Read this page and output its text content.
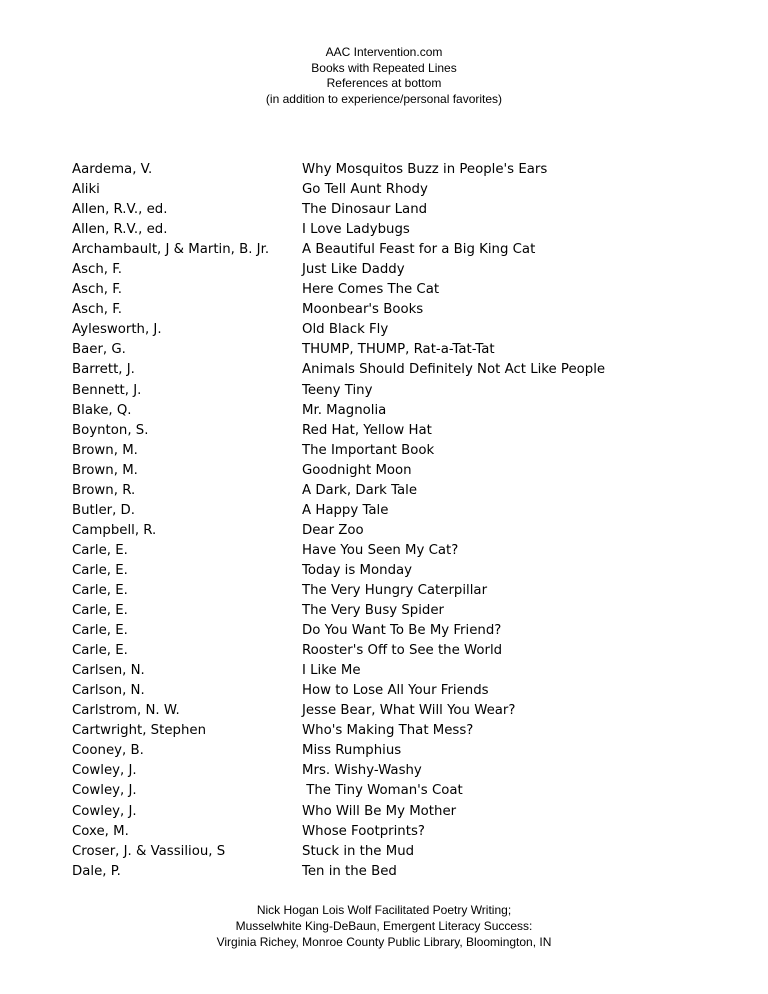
AAC Intervention.com
Books with Repeated Lines
References at bottom
(in addition to experience/personal favorites)
Aardema, V.	Why Mosquitos Buzz in People's Ears
Aliki	Go Tell Aunt Rhody
Allen, R.V., ed.	The Dinosaur Land
Allen, R.V., ed.	I Love Ladybugs
Archambault, J & Martin, B. Jr.	A Beautiful Feast for a Big King Cat
Asch, F.	Just Like Daddy
Asch, F.	Here Comes The Cat
Asch, F.	Moonbear's Books
Aylesworth, J.	Old Black Fly
Baer, G.	THUMP, THUMP, Rat-a-Tat-Tat
Barrett, J.	Animals Should Definitely Not Act Like People
Bennett, J.	Teeny Tiny
Blake, Q.	Mr. Magnolia
Boynton, S.	Red Hat, Yellow Hat
Brown, M.	The Important Book
Brown, M.	Goodnight Moon
Brown, R.	A Dark, Dark Tale
Butler, D.	A Happy Tale
Campbell, R.	Dear Zoo
Carle, E.	Have You Seen My Cat?
Carle, E.	Today is Monday
Carle, E.	The Very Hungry Caterpillar
Carle, E.	The Very Busy Spider
Carle, E.	Do You Want To Be My Friend?
Carle, E.	Rooster's Off to See the World
Carlsen, N.	I Like Me
Carlson, N.	How to Lose All Your Friends
Carlstrom, N. W.	Jesse Bear, What Will You Wear?
Cartwright, Stephen	Who's Making That Mess?
Cooney, B.	Miss Rumphius
Cowley, J.	Mrs. Wishy-Washy
Cowley, J.	The Tiny Woman's Coat
Cowley, J.	Who Will Be My Mother
Coxe, M.	Whose Footprints?
Croser, J. & Vassiliou, S	Stuck in the Mud
Dale, P.	Ten in the Bed
Nick Hogan Lois Wolf Facilitated Poetry Writing;
Musselwhite King-DeBaun, Emergent Literacy Success:
Virginia Richey, Monroe County Public Library, Bloomington, IN
